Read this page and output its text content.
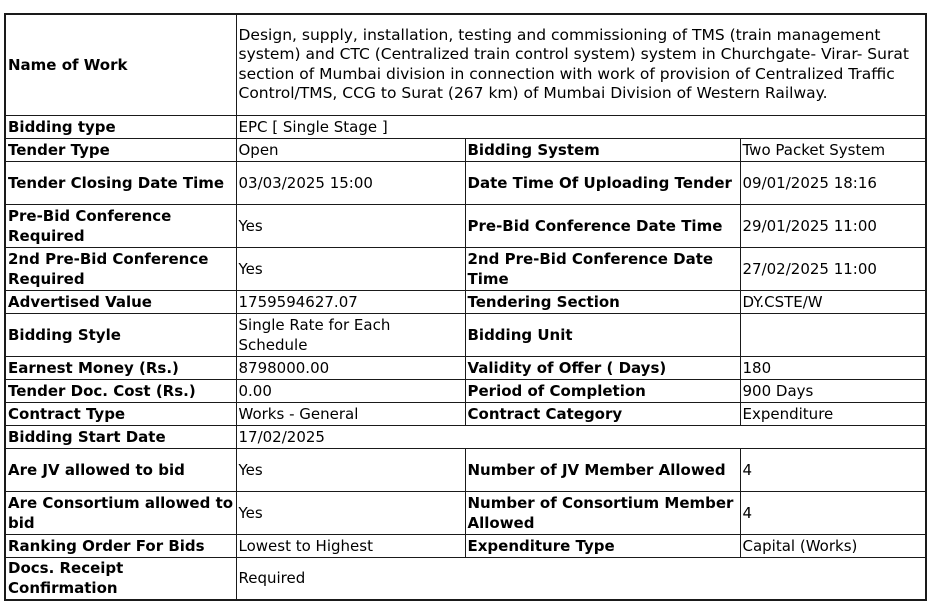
Name of Work	Design, supply, installation, testing and commissioning of TMS (train management system) and CTC (Centralized train control system) system in Churchgate- Virar- Surat section of Mumbai division in connection with work of provision of Centralized Traffic Control/TMS, CCG to Surat (267 km) of Mumbai Division of Western Railway.		
Bidding type	EPC [ Single Stage ]		
Tender Type	Open	Bidding System	Two Packet System
Tender Closing Date Time	03/03/2025 15:00	Date Time Of Uploading Tender	09/01/2025 18:16
Pre-Bid Conference Required	Yes	Pre-Bid Conference Date Time	29/01/2025 11:00
2nd Pre-Bid Conference Required	Yes	2nd Pre-Bid Conference Date Time	27/02/2025 11:00
Advertised Value	1759594627.07	Tendering Section	DY.CSTE/W
Bidding Style	Single Rate for Each Schedule	Bidding Unit	
Earnest Money (Rs.)	8798000.00	Validity of Offer ( Days)	180
Tender Doc. Cost (Rs.)	0.00	Period of Completion	900 Days
Contract Type	Works - General	Contract Category	Expenditure
Bidding Start Date	17/02/2025		
Are JV allowed to bid	Yes	Number of JV Member Allowed	4
Are Consortium allowed to bid	Yes	Number of Consortium Member Allowed	4
Ranking Order For Bids	Lowest to Highest	Expenditure Type	Capital (Works)
Docs. Receipt Confirmation	Required		
